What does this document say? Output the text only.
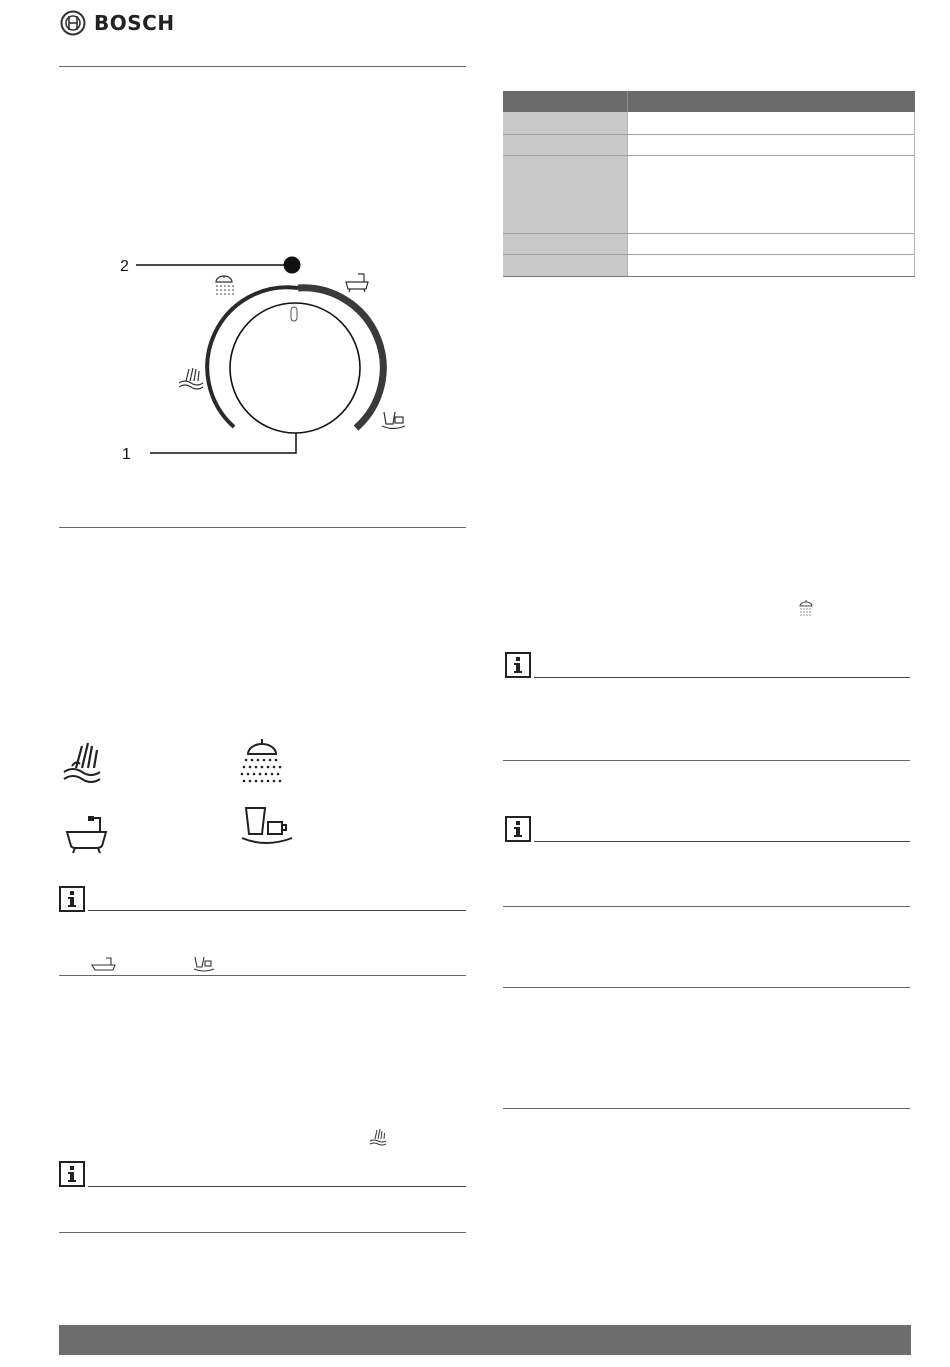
BOSCH
2
1
